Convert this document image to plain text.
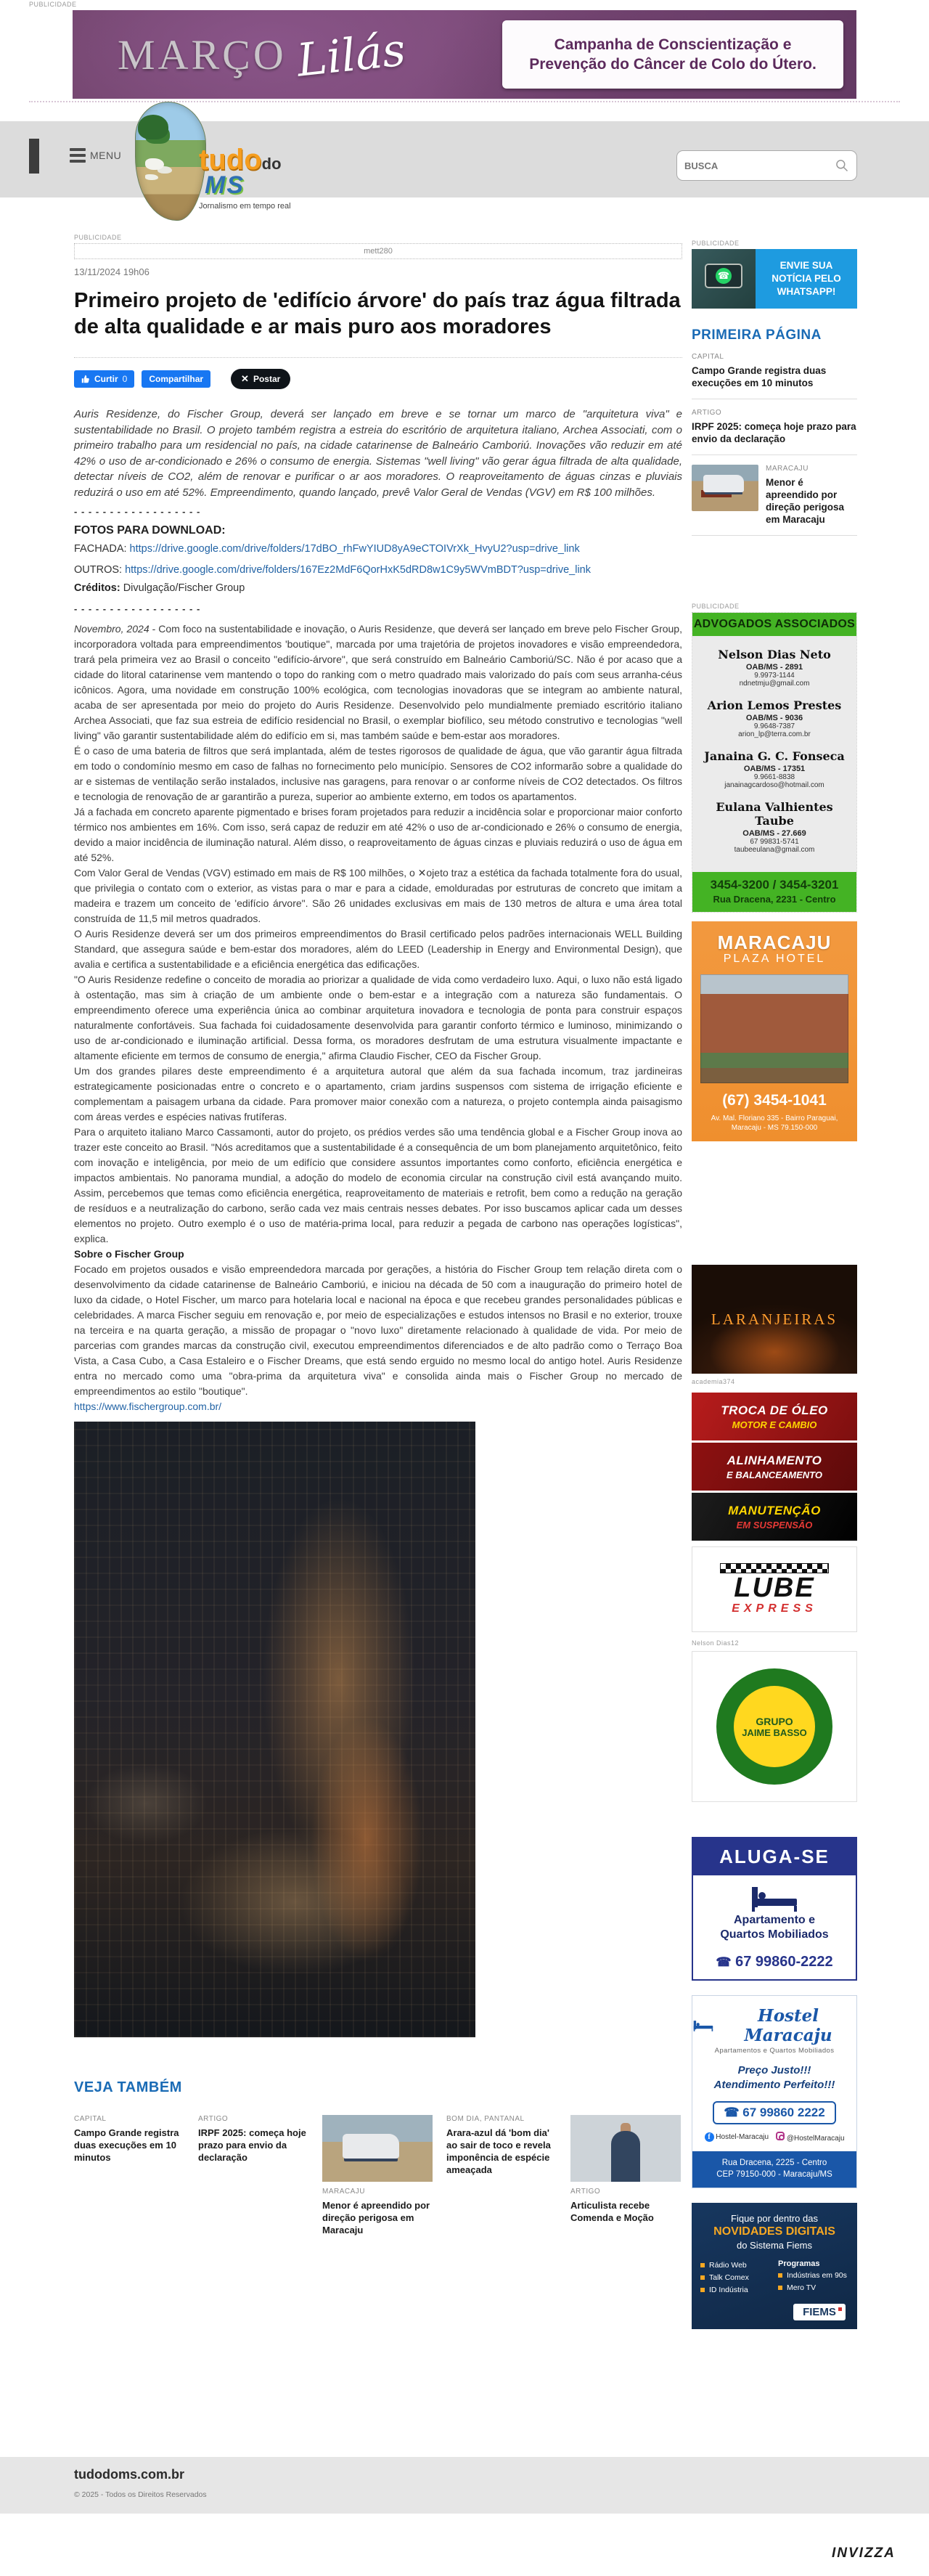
PUBLICIDADE
MARÇO Lilás	Campanha de Conscientização e
Prevenção do Câncer de Colo do Útero.
MENU	tudodo
MS
Jornalismo em tempo real
BUSCA
PUBLICIDADE
mett280
13/11/2024 19h06
Primeiro projeto de 'edifício árvore' do país traz água filtrada de alta qualidade e ar mais puro aos moradores
Curtir 0	Compartilhar	✕ Postar

Auris Residenze, do Fischer Group, deverá ser lançado em breve e se tornar um marco de "arquitetura viva" e sustentabilidade no Brasil. O projeto também registra a estreia do escritório de arquitetura italiano, Archea Associati, com o primeiro trabalho para um residencial no país, na cidade catarinense de Balneário Camboriú. Inovações vão reduzir em até 42% o uso de ar-condicionado e 26% o consumo de energia. Sistemas "well living" vão gerar água filtrada de alta qualidade, detectar níveis de CO2, além de renovar e purificar o ar aos moradores. O reaproveitamento de águas cinzas e pluviais reduzirá o uso em até 52%. Empreendimento, quando lançado, prevê Valor Geral de Vendas (VGV) em R$ 100 milhões.

- - - - - - - - - - - - - - - - - -
FOTOS PARA DOWNLOAD:
FACHADA: https://drive.google.com/drive/folders/17dBO_rhFwYIUD8yA9eCTOIVrXk_HvyU2?usp=drive_link
OUTROS: https://drive.google.com/drive/folders/167Ez2MdF6QorHxK5dRD8w1C9y5WVmBDT?usp=drive_link
Créditos: Divulgação/Fischer Group
- - - - - - - - - - - - - - - - - -

Novembro, 2024 - Com foco na sustentabilidade e inovação, o Auris Residenze, que deverá ser lançado em breve pelo Fischer Group, incorporadora voltada para empreendimentos 'boutique", marcada por uma trajetória de projetos inovadores e visão empreendedora, trará pela primeira vez ao Brasil o conceito "edifício-árvore", que será construído em Balneário Camboriú/SC. Não é por acaso que a cidade do litoral catarinense vem mantendo o topo do ranking com o metro quadrado mais valorizado do país com seus arranha-céus icônicos. Agora, uma novidade em construção 100% ecológica, com tecnologias inovadoras que se integram ao ambiente natural, acaba de ser apresentada por meio do projeto do Auris Residenze. Desenvolvido pelo mundialmente premiado escritório italiano Archea Associati, que faz sua estreia de edifício residencial no Brasil, o exemplar biofílico, seu método construtivo e tecnologias "well living" vão garantir sustentabilidade além do edifício em si, mas também saúde e bem-estar aos moradores.

É o caso de uma bateria de filtros que será implantada, além de testes rigorosos de qualidade de água, que vão garantir água filtrada em todo o condomínio mesmo em caso de falhas no fornecimento pelo município. Sensores de CO2 informarão sobre a qualidade do ar e sistemas de ventilação serão instalados, inclusive nas garagens, para renovar o ar conforme níveis de CO2 detectados. Os filtros e tecnologia de renovação de ar garantirão a pureza, superior ao ambiente externo, em todos os apartamentos.

Já a fachada em concreto aparente pigmentado e brises foram projetados para reduzir a incidência solar e proporcionar maior conforto térmico nos ambientes em 16%. Com isso, será capaz de reduzir em até 42% o uso de ar-condicionado e 26% o consumo de energia, devido a maior incidência de iluminação natural. Além disso, o reaproveitamento de águas cinzas e pluviais reduzirá o uso de água em até 52%.

Com Valor Geral de Vendas (VGV) estimado em mais de R$ 100 milhões, o ✕ojeto traz a estética da fachada totalmente fora do usual, que privilegia o contato com o exterior, as vistas para o mar e para a cidade, emolduradas por estruturas de concreto que imitam a madeira e trazem um conceito de 'edifício árvore". São 26 unidades exclusivas em mais de 130 metros de altura e uma área total construída de 11,5 mil metros quadrados.

O Auris Residenze deverá ser um dos primeiros empreendimentos do Brasil certificado pelos padrões internacionais WELL Building Standard, que assegura saúde e bem-estar dos moradores, além do LEED (Leadership in Energy and Environmental Design), que avalia e certifica a sustentabilidade e a eficiência energética das edificações.

"O Auris Residenze redefine o conceito de moradia ao priorizar a qualidade de vida como verdadeiro luxo. Aqui, o luxo não está ligado à ostentação, mas sim à criação de um ambiente onde o bem-estar e a integração com a natureza são fundamentais. O empreendimento oferece uma experiência única ao combinar arquitetura inovadora e tecnologia de ponta para construir espaços naturalmente confortáveis. Sua fachada foi cuidadosamente desenvolvida para garantir conforto térmico e luminoso, minimizando o uso de ar-condicionado e iluminação artificial. Dessa forma, os moradores desfrutam de uma estrutura visualmente impactante e altamente eficiente em termos de consumo de energia," afirma Claudio Fischer, CEO da Fischer Group.

Um dos grandes pilares deste empreendimento é a arquitetura autoral que além da sua fachada incomum, traz jardineiras estrategicamente posicionadas entre o concreto e o apartamento, criam jardins suspensos com sistema de irrigação eficiente e complementam a paisagem urbana da cidade. Para promover maior conexão com a natureza, o projeto contempla ainda paisagismo com áreas verdes e espécies nativas frutíferas.

Para o arquiteto italiano Marco Cassamonti, autor do projeto, os prédios verdes são uma tendência global e a Fischer Group inova ao trazer este conceito ao Brasil. "Nós acreditamos que a sustentabilidade é a consequência de um bom planejamento arquitetônico, feito com inovação e inteligência, por meio de um edifício que considere assuntos importantes como conforto, eficiência energética e impactos ambientais. No panorama mundial, a adoção do modelo de economia circular na construção civil está avançando muito. Assim, percebemos que temas como eficiência energética, reaproveitamento de materiais e retrofit, bem como a redução na geração de resíduos e a neutralização do carbono, serão cada vez mais centrais nesses debates. Por isso buscamos aplicar cada um desses elementos no projeto. Outro exemplo é o uso de matéria-prima local, para reduzir a pegada de carbono nas operações logísticas", explica.

Sobre o Fischer Group

Focado em projetos ousados e visão empreendedora marcada por gerações, a história do Fischer Group tem relação direta com o desenvolvimento da cidade catarinense de Balneário Camboriú, e iniciou na década de 50 com a inauguração do primeiro hotel de luxo da cidade, o Hotel Fischer, um marco para hotelaria local e nacional na época e que recebeu grandes personalidades públicas e celebridades. A marca Fischer seguiu em renovação e, por meio de especializações e estudos intensos no Brasil e no exterior, trouxe na terceira e na quarta geração, a missão de propagar o "novo luxo" diretamente relacionado à qualidade de vida. Por meio de parcerias com grandes marcas da construção civil, executou empreendimentos diferenciados e de alto padrão como o Terraço Boa Vista, a Casa Cubo, a Casa Estaleiro e o Fischer Dreams, que está sendo erguido no mesmo local do antigo hotel. Auris Residenze entra no mercado como uma "obra-prima da arquitetura viva" e consolida ainda mais o Fischer Group no mercado de empreendimentos ao estilo "boutique".

https://www.fischergroup.com.br/
VEJA TAMBÉM
CAPITAL
Campo Grande registra duas execuções em 10 minutos
ARTIGO
IRPF 2025: começa hoje prazo para envio da declaração
MARACAJU
Menor é apreendido por direção perigosa em Maracaju
BOM DIA, PANTANAL
Arara-azul dá 'bom dia' ao sair de toco e revela imponência de espécie ameaçada
ARTIGO
Articulista recebe Comenda e Moção
PUBLICIDADE
☎
ENVIE SUA NOTÍCIA PELO WHATSAPP!
PRIMEIRA PÁGINA
CAPITAL
Campo Grande registra duas execuções em 10 minutos
ARTIGO
IRPF 2025: começa hoje prazo para envio da declaração
MARACAJU
Menor é apreendido por direção perigosa em Maracaju
PUBLICIDADE
ADVOGADOS ASSOCIADOS
Nelson Dias Neto
OAB/MS - 2891
9.9973-1144
ndnetmju@gmail.com
Arion Lemos Prestes
OAB/MS - 9036
9.9648-7387
arion_lp@terra.com.br
Janaina G. C. Fonseca
OAB/MS - 17351
9.9661-8838
janainagcardoso@hotmail.com
Eulana Valhientes Taube
OAB/MS - 27.669
67 99831-5741
taubeeulana@gmail.com
3454-3200 / 3454-3201
Rua Dracena, 2231 - Centro
MARACAJU
PLAZA HOTEL
(67) 3454-1041
Av. Mal. Floriano 335 - Bairro Paraguai, Maracaju - MS 79.150-000
LARANJEIRAS
academia374
TROCA DE ÓLEO
MOTOR E CAMBIO
ALINHAMENTO
E BALANCEAMENTO
MANUTENÇÃO
EM SUSPENSÃO
LUBE
EXPRESS
Nelson Dias12
GRUPO
JAIME BASSO
ALUGA-SE
Apartamento e
Quartos Mobiliados
☎ 67 99860-2222
Hostel Maracaju
Apartamentos e Quartos Mobiliados
Preço Justo!!!
Atendimento Perfeito!!!
☎ 67 99860 2222
f Hostel-Maracaju	@HostelMaracaju
Rua Dracena, 2225 - Centro
CEP 79150-000 - Maracaju/MS
Fique por dentro das
NOVIDADES DIGITAIS
do Sistema Fiems
Rádio Web
Talk Comex
ID Indústria
Programas
Indústrias em 90s
Mero TV
FIEMS
tudodoms.com.br
© 2025 - Todos os Direitos Reservados
INVIZZA
